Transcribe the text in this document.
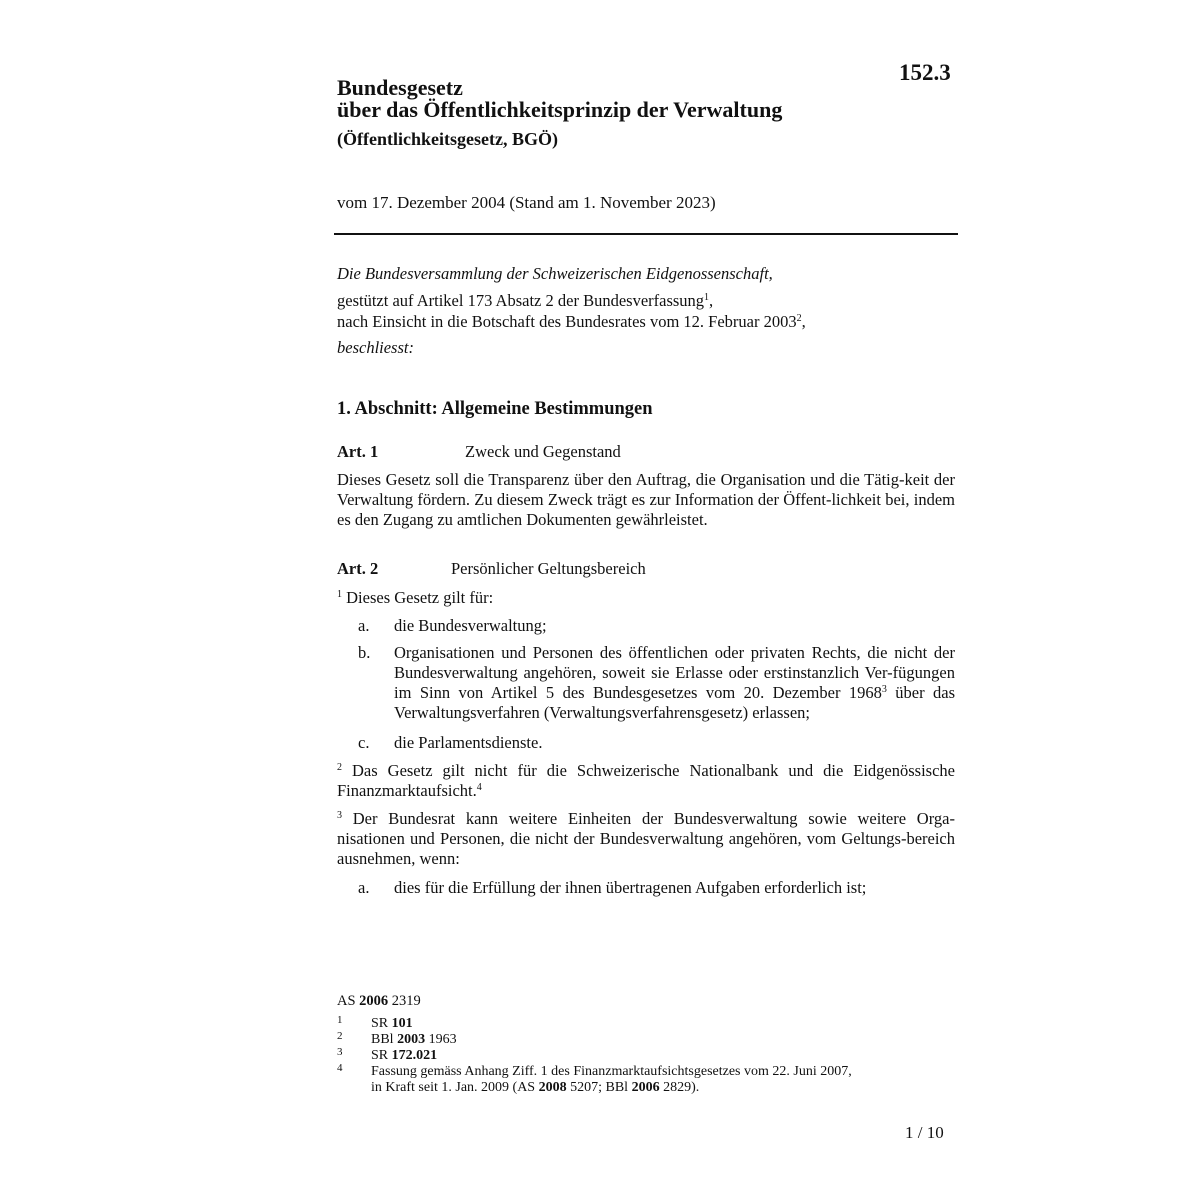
152.3
Bundesgesetz
über das Öffentlichkeitsprinzip der Verwaltung
(Öffentlichkeitsgesetz, BGÖ)
vom 17. Dezember 2004 (Stand am 1. November 2023)
Die Bundesversammlung der Schweizerischen Eidgenossenschaft,
gestützt auf Artikel 173 Absatz 2 der Bundesverfassung$^1$,
nach Einsicht in die Botschaft des Bundesrates vom 12. Februar 2003$^2$,
beschliesst:
1. Abschnitt: Allgemeine Bestimmungen
Art. 1	Zweck und Gegenstand
Dieses Gesetz soll die Transparenz über den Auftrag, die Organisation und die Tätig-keit der Verwaltung fördern. Zu diesem Zweck trägt es zur Information der Öffent-lichkeit bei, indem es den Zugang zu amtlichen Dokumenten gewährleistet.
Art. 2	Persönlicher Geltungsbereich
$^1$ Dieses Gesetz gilt für:
a. die Bundesverwaltung;
b. Organisationen und Personen des öffentlichen oder privaten Rechts, die nicht der Bundesverwaltung angehören, soweit sie Erlasse oder erstinstanzlich Ver-fügungen im Sinn von Artikel 5 des Bundesgesetzes vom 20. Dezember 1968$^3$ über das Verwaltungsverfahren (Verwaltungsverfahrensgesetz) erlassen;
c. die Parlamentsdienste.
$^2$ Das Gesetz gilt nicht für die Schweizerische Nationalbank und die Eidgenössische Finanzmarktaufsicht.$^4$
$^3$ Der Bundesrat kann weitere Einheiten der Bundesverwaltung sowie weitere Orga-nisationen und Personen, die nicht der Bundesverwaltung angehören, vom Geltungs-bereich ausnehmen, wenn:
a. dies für die Erfüllung der ihnen übertragenen Aufgaben erforderlich ist;
AS 2006 2319
1 SR 101
2 BBl 2003 1963
3 SR 172.021
4 Fassung gemäss Anhang Ziff. 1 des Finanzmarktaufsichtsgesetzes vom 22. Juni 2007,
in Kraft seit 1. Jan. 2009 (AS 2008 5207; BBl 2006 2829).
1 / 10
